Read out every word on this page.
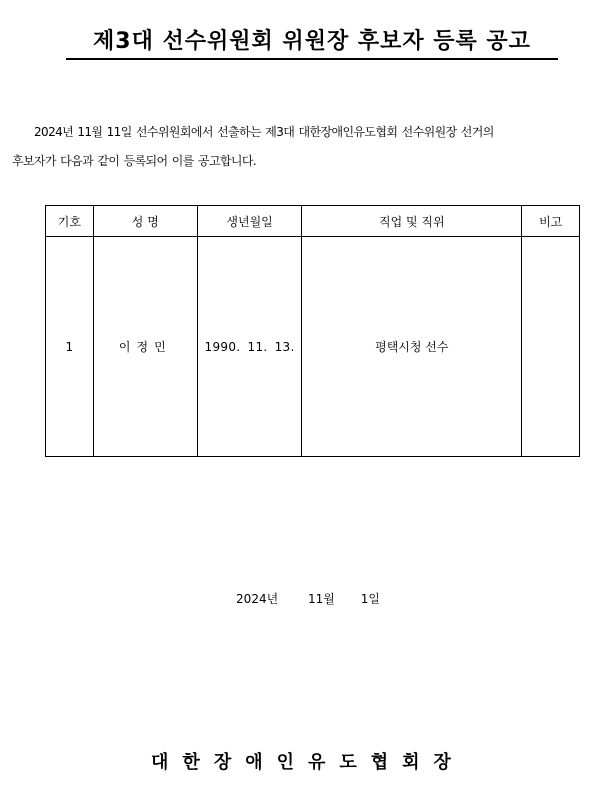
제3대 선수위원회 위원장 후보자 등록 공고
2024년 11월 11일 선수위원회에서 선출하는 제3대 대한장애인유도협회 선수위원장 선거의
후보자가 다음과 같이 등록되어 이를 공고합니다.
기호	성 명	생년월일	직업 및 직위	비고
1	이정민	1990. 11. 13.	평택시청 선수	
2024년 11월 1일
대한장애인유도협회장
